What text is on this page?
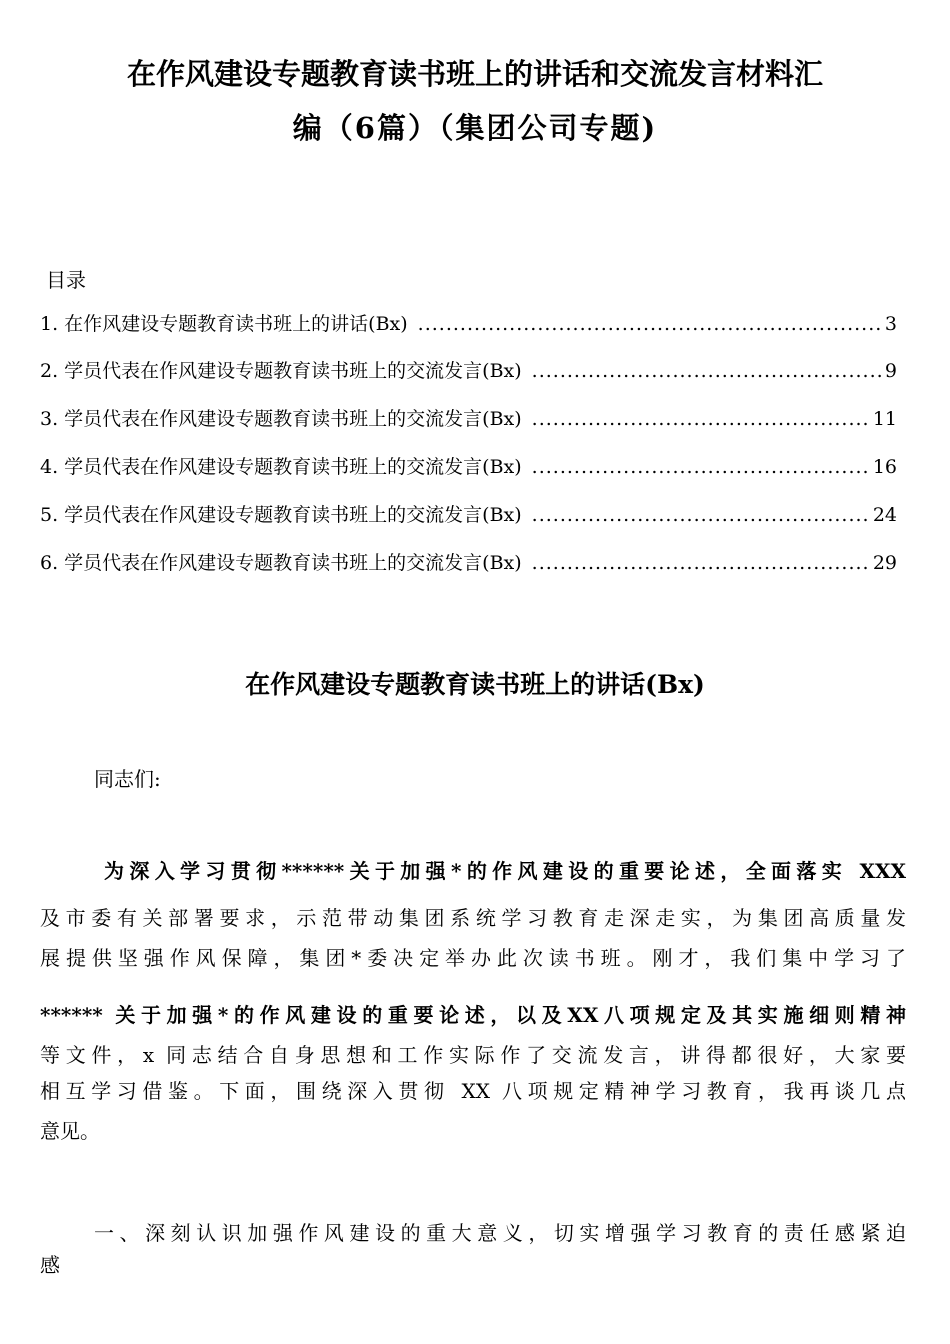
在作风建设专题教育读书班上的讲话和交流发言材料汇
编（6篇）（集团公司专题)
目录
1. 在作风建设专题教育读书班上的讲话(Bx) .....	3
2. 学员代表在作风建设专题教育读书班上的交流发言(Bx) .....	9
3. 学员代表在作风建设专题教育读书班上的交流发言(Bx) .....	11
4. 学员代表在作风建设专题教育读书班上的交流发言(Bx) .....	16
5. 学员代表在作风建设专题教育读书班上的交流发言(Bx) .....	24
6. 学员代表在作风建设专题教育读书班上的交流发言(Bx) .....	29
在作风建设专题教育读书班上的讲话(Bx)
同志们:
为深入学习贯彻******关于加强*的作风建设的重要论述，全面落实 XXX
及市委有关部署要求，示范带动集团系统学习教育走深走实，为集团高质量发
展提供坚强作风保障，集团*委决定举办此次读书班。刚才，我们集中学习了
****** 关于加强*的作风建设的重要论述，以及XX八项规定及其实施细则精神
等文件，x 同志结合自身思想和工作实际作了交流发言，讲得都很好，大家要
相互学习借鉴。下面，围绕深入贯彻 XX 八项规定精神学习教育，我再谈几点
意见。
一、深刻认识加强作风建设的重大意义，切实增强学习教育的责任感紧迫
感
